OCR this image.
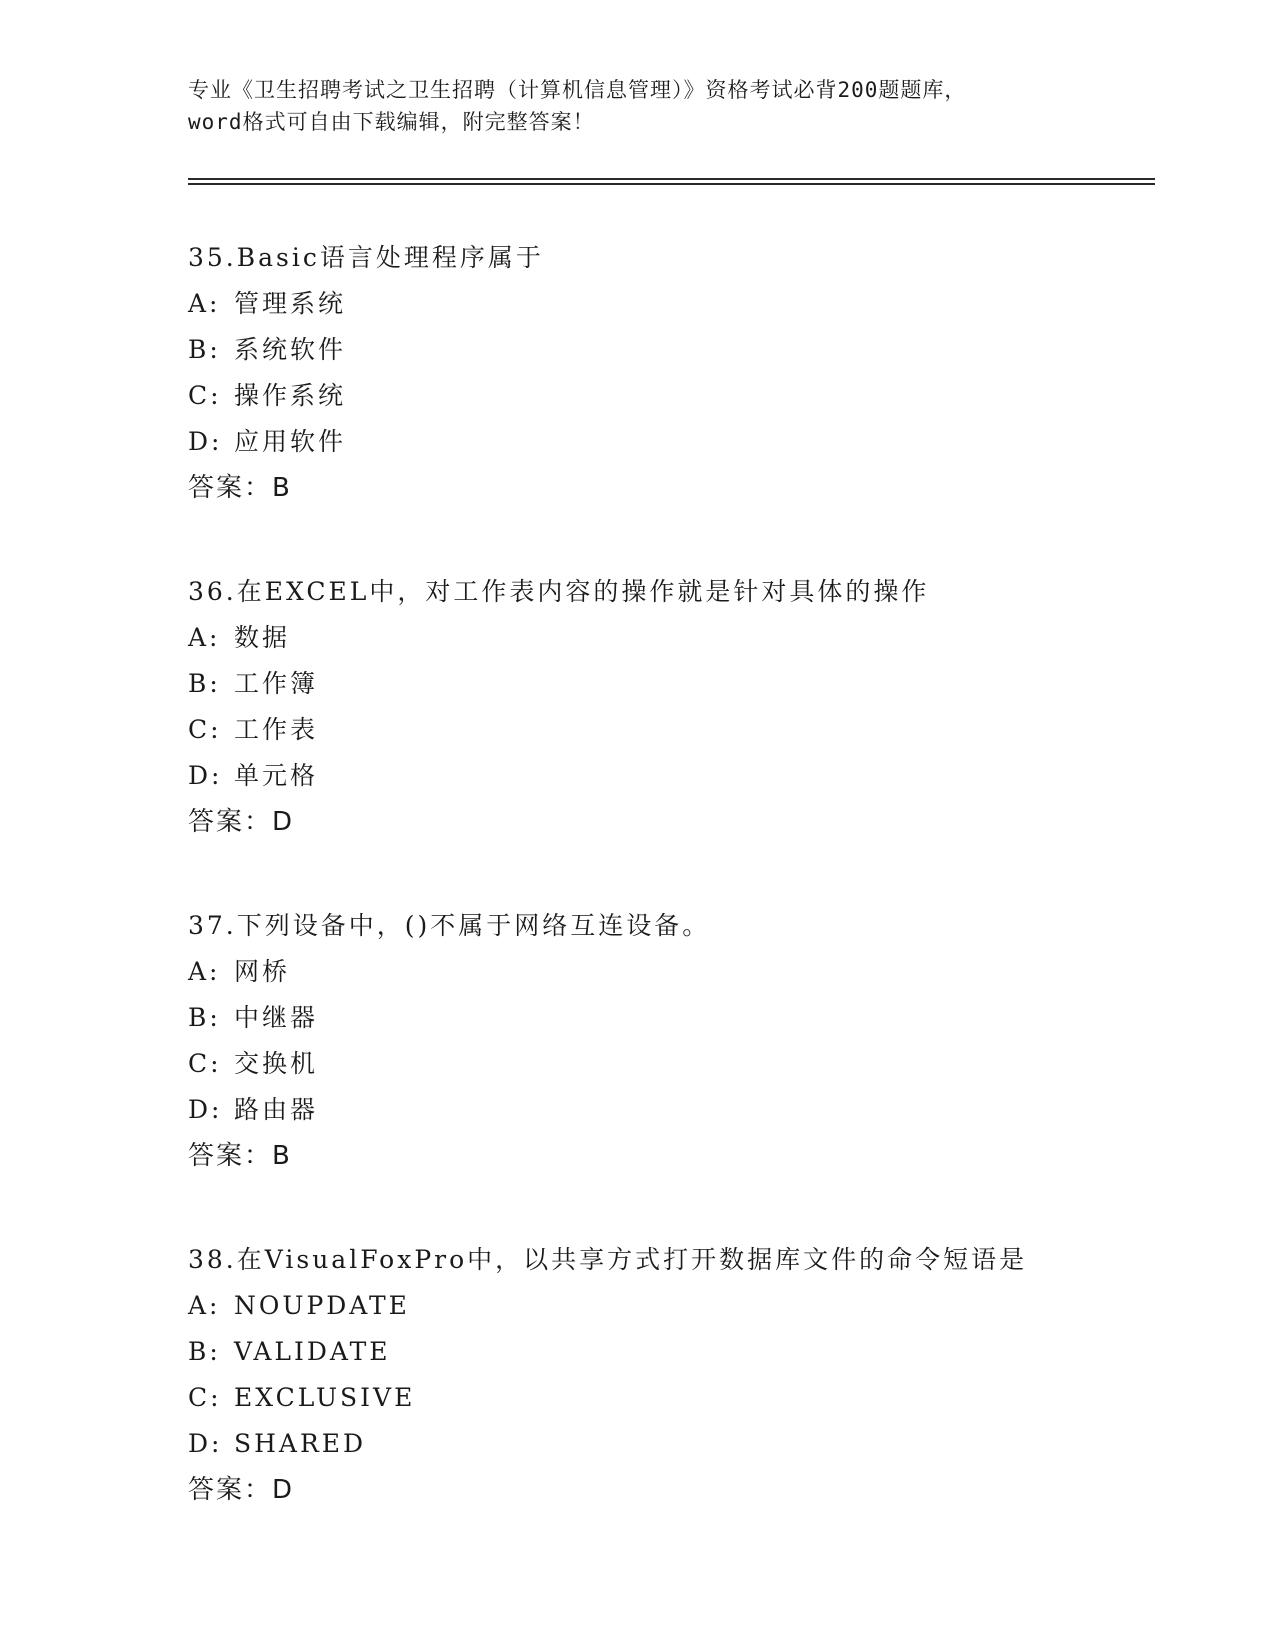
专业《卫生招聘考试之卫生招聘（计算机信息管理）》资格考试必背200题题库，
word格式可自由下载编辑，附完整答案！
35. Basic语言处理程序属于
A: 管理系统
B: 系统软件
C: 操作系统
D: 应用软件
答案：B
36. 在EXCEL中，对工作表内容的操作就是针对具体的操作
A: 数据
B: 工作簿
C: 工作表
D: 单元格
答案：D
37. 下列设备中，()不属于网络互连设备。
A: 网桥
B: 中继器
C: 交换机
D: 路由器
答案：B
38. 在VisualFoxPro中，以共享方式打开数据库文件的命令短语是
A: NOUPDATE
B: VALIDATE
C: EXCLUSIVE
D: SHARED
答案：D
